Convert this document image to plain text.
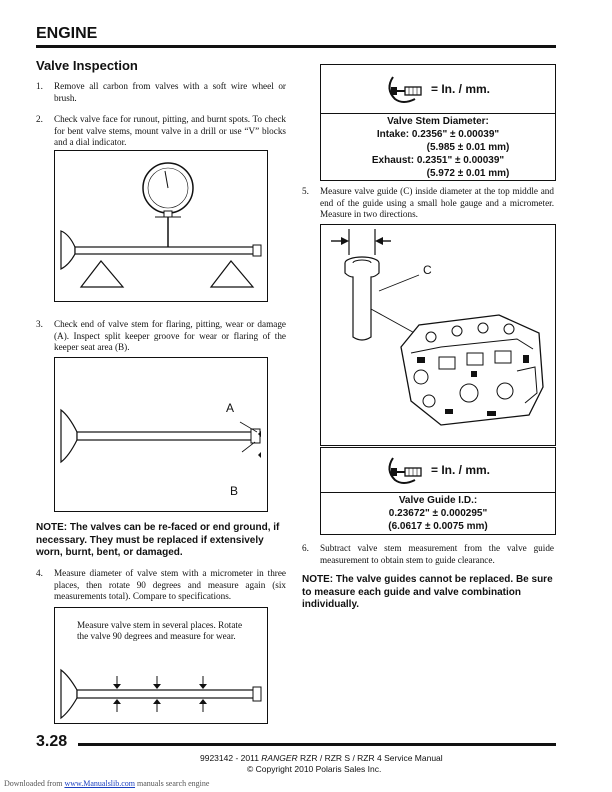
ENGINE
Valve Inspection
1. Remove all carbon from valves with a soft wire wheel or brush.
2. Check valve face for runout, pitting, and burnt spots. To check for bent valve stems, mount valve in a drill or use “V” blocks and a dial indicator.
3. Check end of valve stem for flaring, pitting, wear or damage (A). Inspect split keeper groove for wear or flaring of the keeper seat area (B).
A
B
NOTE: The valves can be re-faced or end ground, if necessary. They must be replaced if extensively worn, burnt, bent, or damaged.
4. Measure diameter of valve stem with a micrometer in three places, then rotate 90 degrees and measure again (six measurements total). Compare to specifications.
Measure valve stem in several places. Rotate the valve 90 degrees and measure for wear.
= In. / mm.
Valve Stem Diameter:
Intake: 0.2356" ± 0.00039"
(5.985 ± 0.01 mm)
Exhaust: 0.2351" ± 0.00039"
(5.972 ± 0.01 mm)
5. Measure valve guide (C) inside diameter at the top middle and end of the guide using a small hole gauge and a micrometer. Measure in two directions.
C
= In. / mm.
Valve Guide I.D.:
0.23672" ± 0.000295"
(6.0617 ± 0.0075 mm)
6. Subtract valve stem measurement from the valve guide measurement to obtain stem to guide clearance.
NOTE: The valve guides cannot be replaced. Be sure to measure each guide and valve combination individually.
3.28
9923142 - 2011 RANGER RZR / RZR S / RZR 4 Service Manual
© Copyright 2010 Polaris Sales Inc.
Downloaded from www.Manualslib.com manuals search engine
